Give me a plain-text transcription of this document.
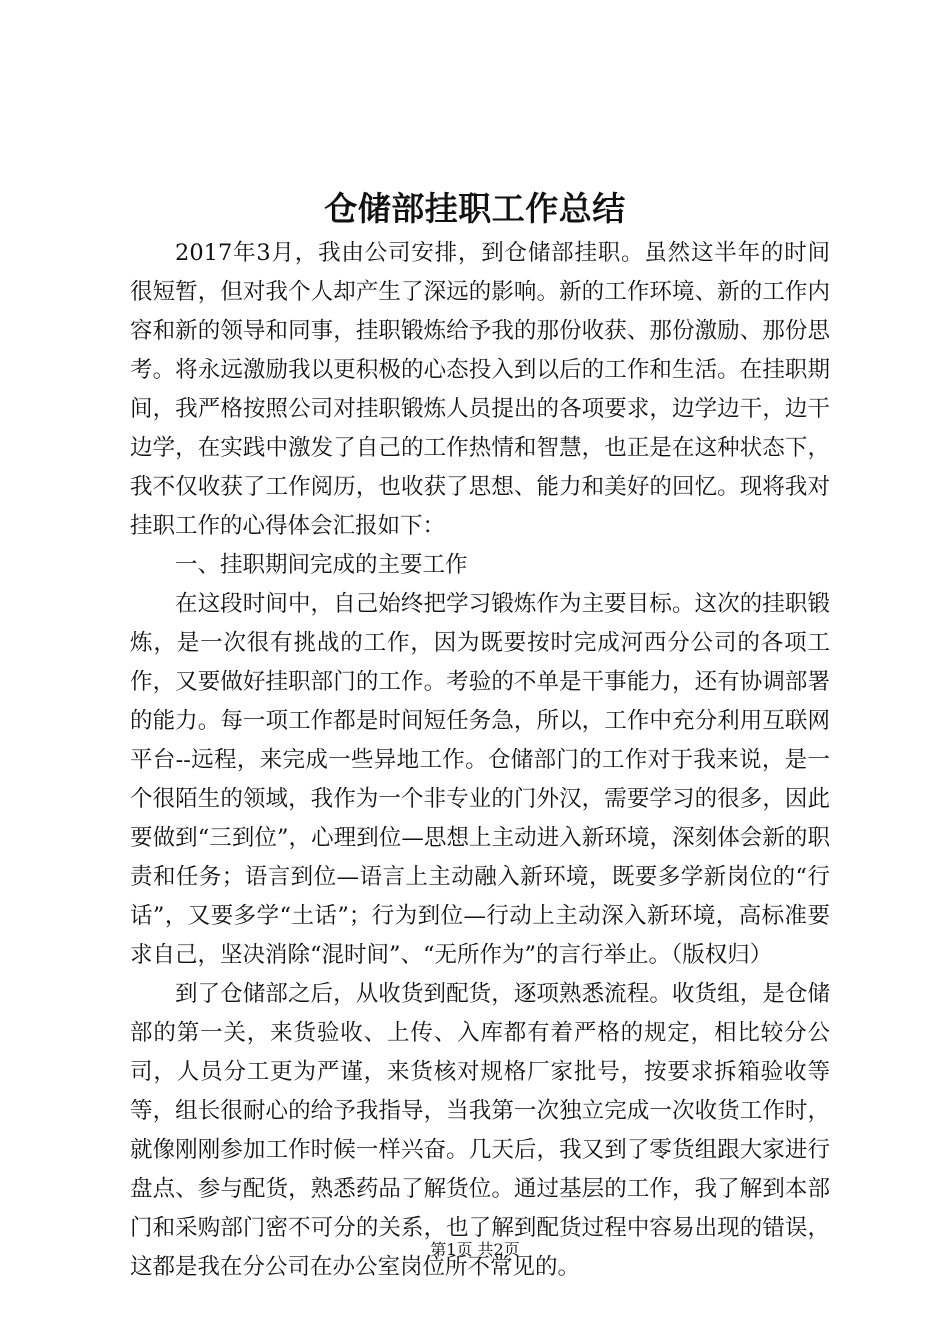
仓储部挂职工作总结

2017年3月，我由公司安排，到仓储部挂职。虽然这半年的时间很短暂，但对我个人却产生了深远的影响。新的工作环境、新的工作内容和新的领导和同事，挂职锻炼给予我的那份收获、那份激励、那份思考。将永远激励我以更积极的心态投入到以后的工作和生活。在挂职期间，我严格按照公司对挂职锻炼人员提出的各项要求，边学边干，边干边学，在实践中激发了自己的工作热情和智慧，也正是在这种状态下，我不仅收获了工作阅历，也收获了思想、能力和美好的回忆。现将我对挂职工作的心得体会汇报如下：

一、挂职期间完成的主要工作

在这段时间中，自己始终把学习锻炼作为主要目标。这次的挂职锻炼，是一次很有挑战的工作，因为既要按时完成河西分公司的各项工作，又要做好挂职部门的工作。考验的不单是干事能力，还有协调部署的能力。每一项工作都是时间短任务急，所以，工作中充分利用互联网平台--远程，来完成一些异地工作。仓储部门的工作对于我来说，是一个很陌生的领域，我作为一个非专业的门外汉，需要学习的很多，因此要做到“三到位”，心理到位—思想上主动进入新环境，深刻体会新的职责和任务；语言到位—语言上主动融入新环境，既要多学新岗位的“行话”，又要多学“土话”；行为到位—行动上主动深入新环境，高标准要求自己，坚决消除“混时间”、“无所作为”的言行举止。（版权归）

到了仓储部之后，从收货到配货，逐项熟悉流程。收货组，是仓储部的第一关，来货验收、上传、入库都有着严格的规定，相比较分公司，人员分工更为严谨，来货核对规格厂家批号，按要求拆箱验收等等，组长很耐心的给予我指导，当我第一次独立完成一次收货工作时，就像刚刚参加工作时候一样兴奋。几天后，我又到了零货组跟大家进行盘点、参与配货，熟悉药品了解货位。通过基层的工作，我了解到本部门和采购部门密不可分的关系，也了解到配货过程中容易出现的错误，这都是我在分公司在办公室岗位所不常见的。

第1页 共2页
